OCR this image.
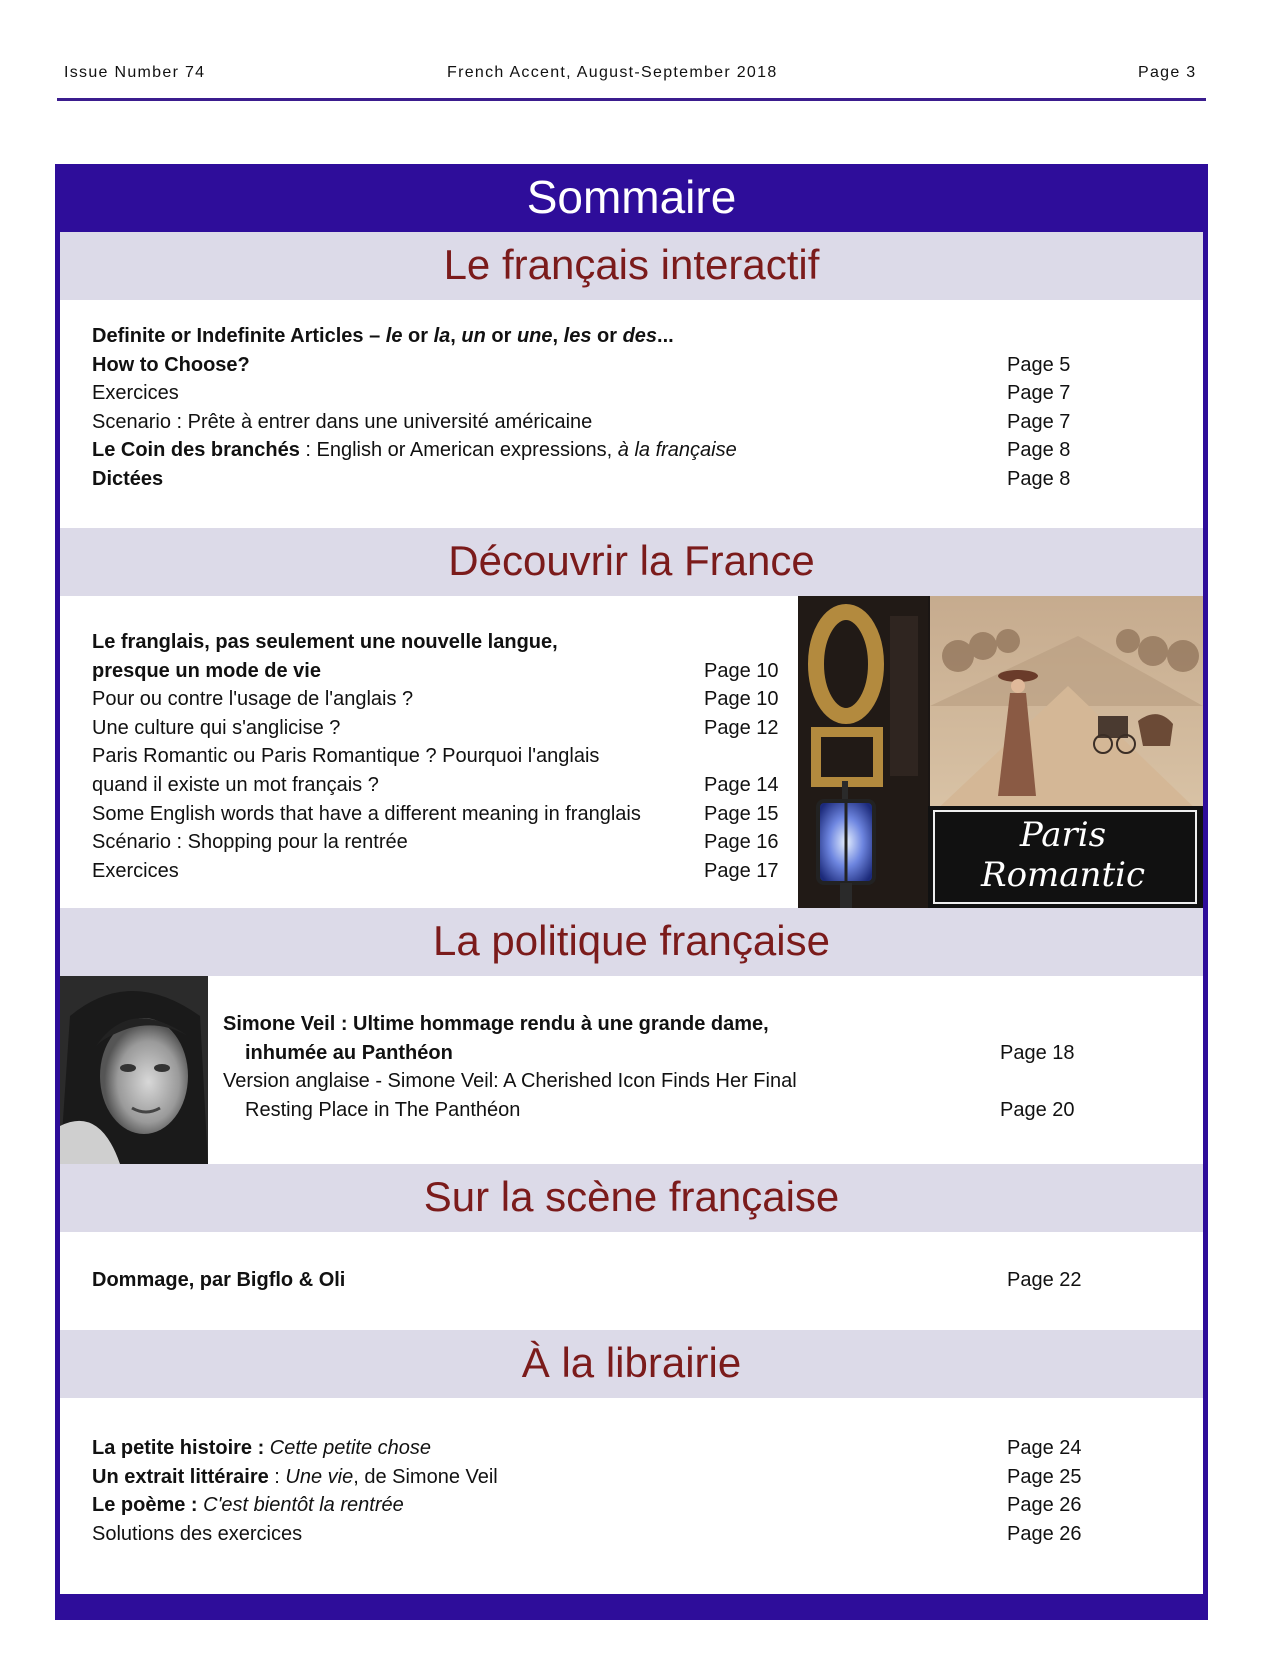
Issue Number 74	French Accent, August-September 2018	Page 3
Sommaire
Le français interactif
Definite or Indefinite Articles – le or la, un or une, les or des...
How to Choose?	Page 5
Exercices	Page 7
Scenario : Prête à entrer dans une université américaine	Page 7
Le Coin des branchés : English or American expressions, à la française	Page 8
Dictées	Page 8
Découvrir la France
Le franglais, pas seulement une nouvelle langue,
presque un mode de vie	Page 10
Pour ou contre l'usage de l'anglais ?	Page 10
Une culture qui s'anglicise ?	Page 12
Paris Romantic ou Paris Romantique ? Pourquoi l'anglais
quand il existe un mot français ?	Page 14
Some English words that have a different meaning in franglais	Page 15
Scénario : Shopping pour la rentrée	Page 16
Exercices	Page 17
Paris
Romantic
La politique française
Simone Veil : Ultime hommage rendu à une grande dame,
inhumée au Panthéon	Page 18
Version anglaise - Simone Veil: A Cherished Icon Finds Her Final
Resting Place in The Panthéon	Page 20
Sur la scène française
Dommage, par Bigflo & Oli	Page 22
À la librairie
La petite histoire : Cette petite chose	Page 24
Un extrait littéraire : Une vie, de Simone Veil	Page 25
Le poème : C'est bientôt la rentrée	Page 26
Solutions des exercices	Page 26
